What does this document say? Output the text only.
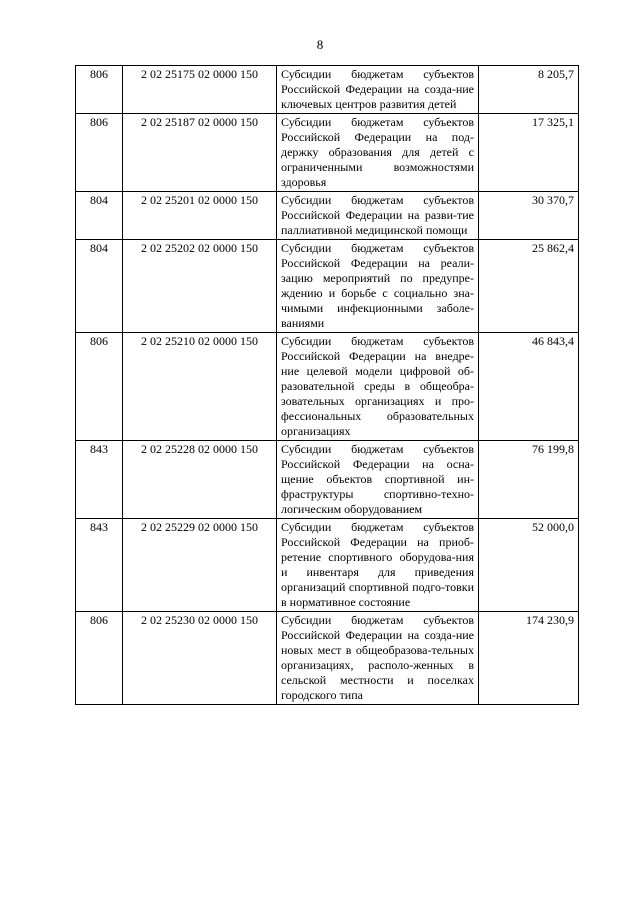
8
806	2 02 25175 02 0000 150	Субсидии бюджетам субъектов Российской Федерации на созда-ние ключевых центров развития детей	8 205,7
806	2 02 25187 02 0000 150	Субсидии бюджетам субъектов Российской Федерации на под-держку образования для детей с ограниченными возможностями здоровья	17 325,1
804	2 02 25201 02 0000 150	Субсидии бюджетам субъектов Российской Федерации на разви-тие паллиативной медицинской помощи	30 370,7
804	2 02 25202 02 0000 150	Субсидии бюджетам субъектов Российской Федерации на реали-зацию мероприятий по предупре-ждению и борьбе с социально зна-чимыми инфекционными заболе-ваниями	25 862,4
806	2 02 25210 02 0000 150	Субсидии бюджетам субъектов Российской Федерации на внедре-ние целевой модели цифровой об-разовательной среды в общеобра-зовательных организациях и про-фессиональных образовательных организациях	46 843,4
843	2 02 25228 02 0000 150	Субсидии бюджетам субъектов Российской Федерации на осна-щение объектов спортивной ин-фраструктуры спортивно-техно-логическим оборудованием	76 199,8
843	2 02 25229 02 0000 150	Субсидии бюджетам субъектов Российской Федерации на приоб-ретение спортивного оборудова-ния и инвентаря для приведения организаций спортивной подго-товки в нормативное состояние	52 000,0
806	2 02 25230 02 0000 150	Субсидии бюджетам субъектов Российской Федерации на созда-ние новых мест в общеобразова-тельных организациях, располо-женных в сельской местности и поселках городского типа	174 230,9
